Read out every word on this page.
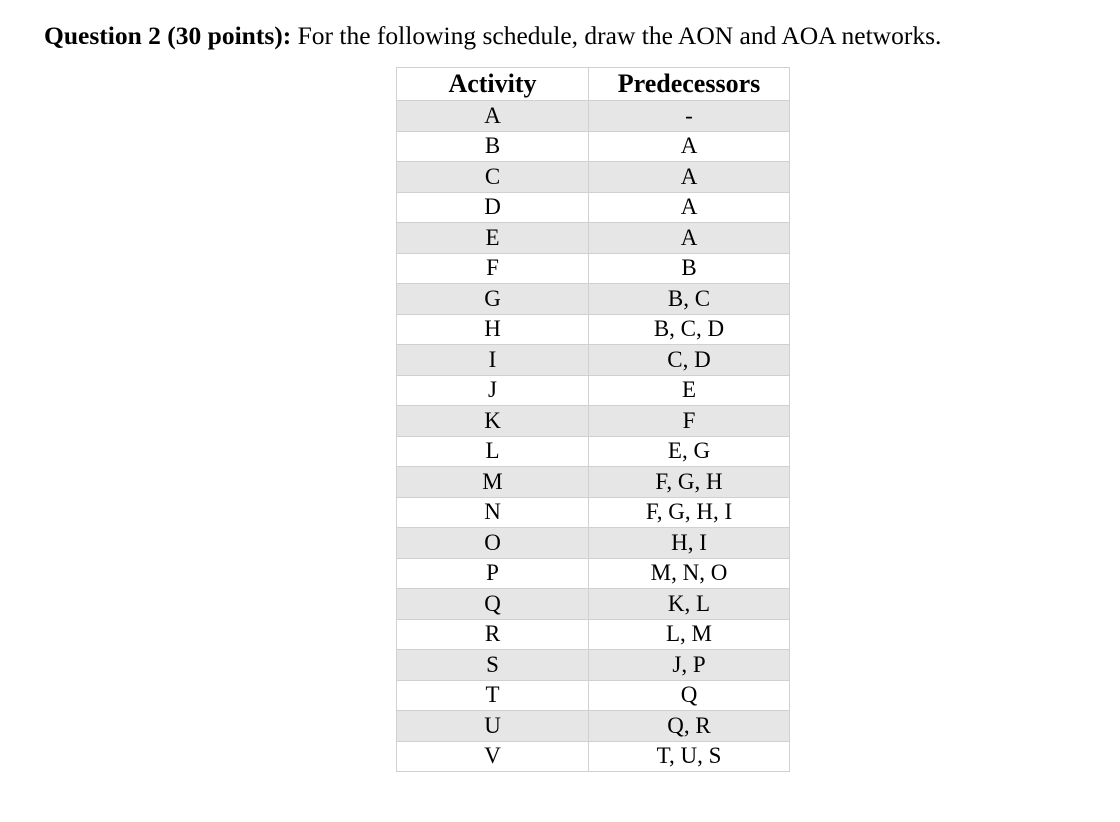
Question 2 (30 points): For the following schedule, draw the AON and AOA networks.
Activity	Predecessors
A	-
B	A
C	A
D	A
E	A
F	B
G	B, C
H	B, C, D
I	C, D
J	E
K	F
L	E, G
M	F, G, H
N	F, G, H, I
O	H, I
P	M, N, O
Q	K, L
R	L, M
S	J, P
T	Q
U	Q, R
V	T, U, S
